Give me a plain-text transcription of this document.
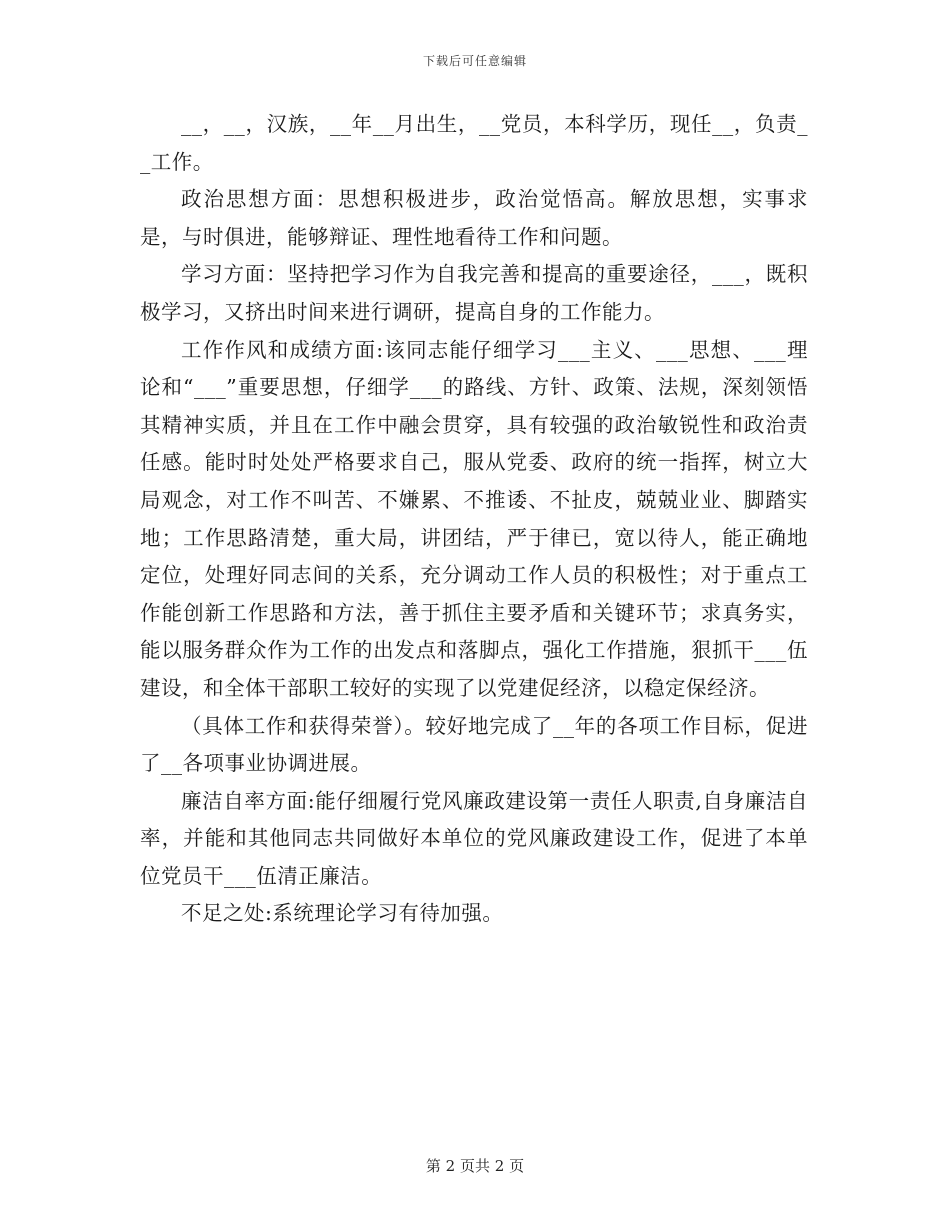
下载后可任意编辑

__，__，汉族，__年__月出生，__党员，本科学历，现任__，负责__工作。

政治思想方面：思想积极进步，政治觉悟高。解放思想，实事求是，与时俱进，能够辩证、理性地看待工作和问题。

学习方面：坚持把学习作为自我完善和提高的重要途径，___，既积极学习，又挤出时间来进行调研，提高自身的工作能力。

工作作风和成绩方面:该同志能仔细学习___主义、___思想、___理论和“___”重要思想，仔细学___的路线、方针、政策、法规，深刻领悟其精神实质，并且在工作中融会贯穿，具有较强的政治敏锐性和政治责任感。能时时处处严格要求自己，服从党委、政府的统一指挥，树立大局观念，对工作不叫苦、不嫌累、不推诿、不扯皮，兢兢业业、脚踏实地；工作思路清楚，重大局，讲团结，严于律已，宽以待人，能正确地定位，处理好同志间的关系，充分调动工作人员的积极性；对于重点工作能创新工作思路和方法，善于抓住主要矛盾和关键环节；求真务实，能以服务群众作为工作的出发点和落脚点，强化工作措施，狠抓干___伍建设，和全体干部职工较好的实现了以党建促经济，以稳定保经济。

（具体工作和获得荣誉）。较好地完成了__年的各项工作目标，促进了__各项事业协调进展。

廉洁自率方面:能仔细履行党风廉政建设第一责任人职责,自身廉洁自率，并能和其他同志共同做好本单位的党风廉政建设工作，促进了本单位党员干___伍清正廉洁。

不足之处:系统理论学习有待加强。

第 2 页共 2 页
